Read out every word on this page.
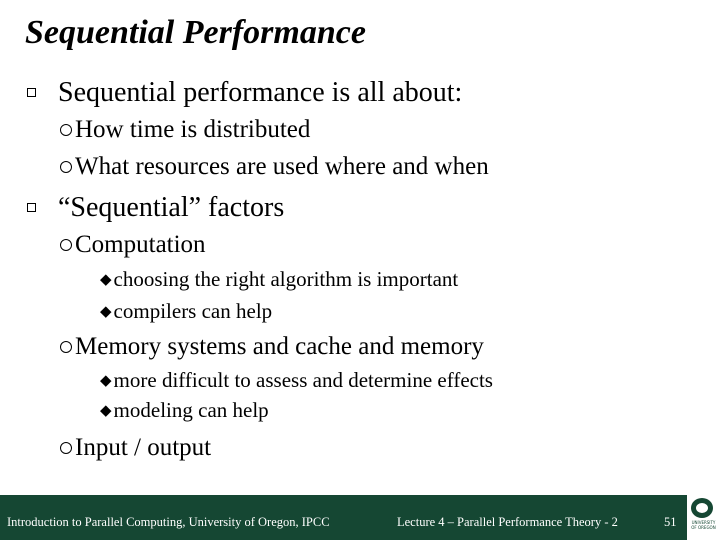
Sequential Performance
Sequential performance is all about:
How time is distributed
What resources are used where and when
“Sequential” factors
Computation
◆ choosing the right algorithm is important
◆ compilers can help
Memory systems and cache and memory
◆ more difficult to assess and determine effects
◆ modeling can help
Input / output
Introduction to Parallel Computing, University of Oregon, IPCC	Lecture 4 – Parallel Performance Theory - 2	51	UNIVERSITY
OF OREGON
